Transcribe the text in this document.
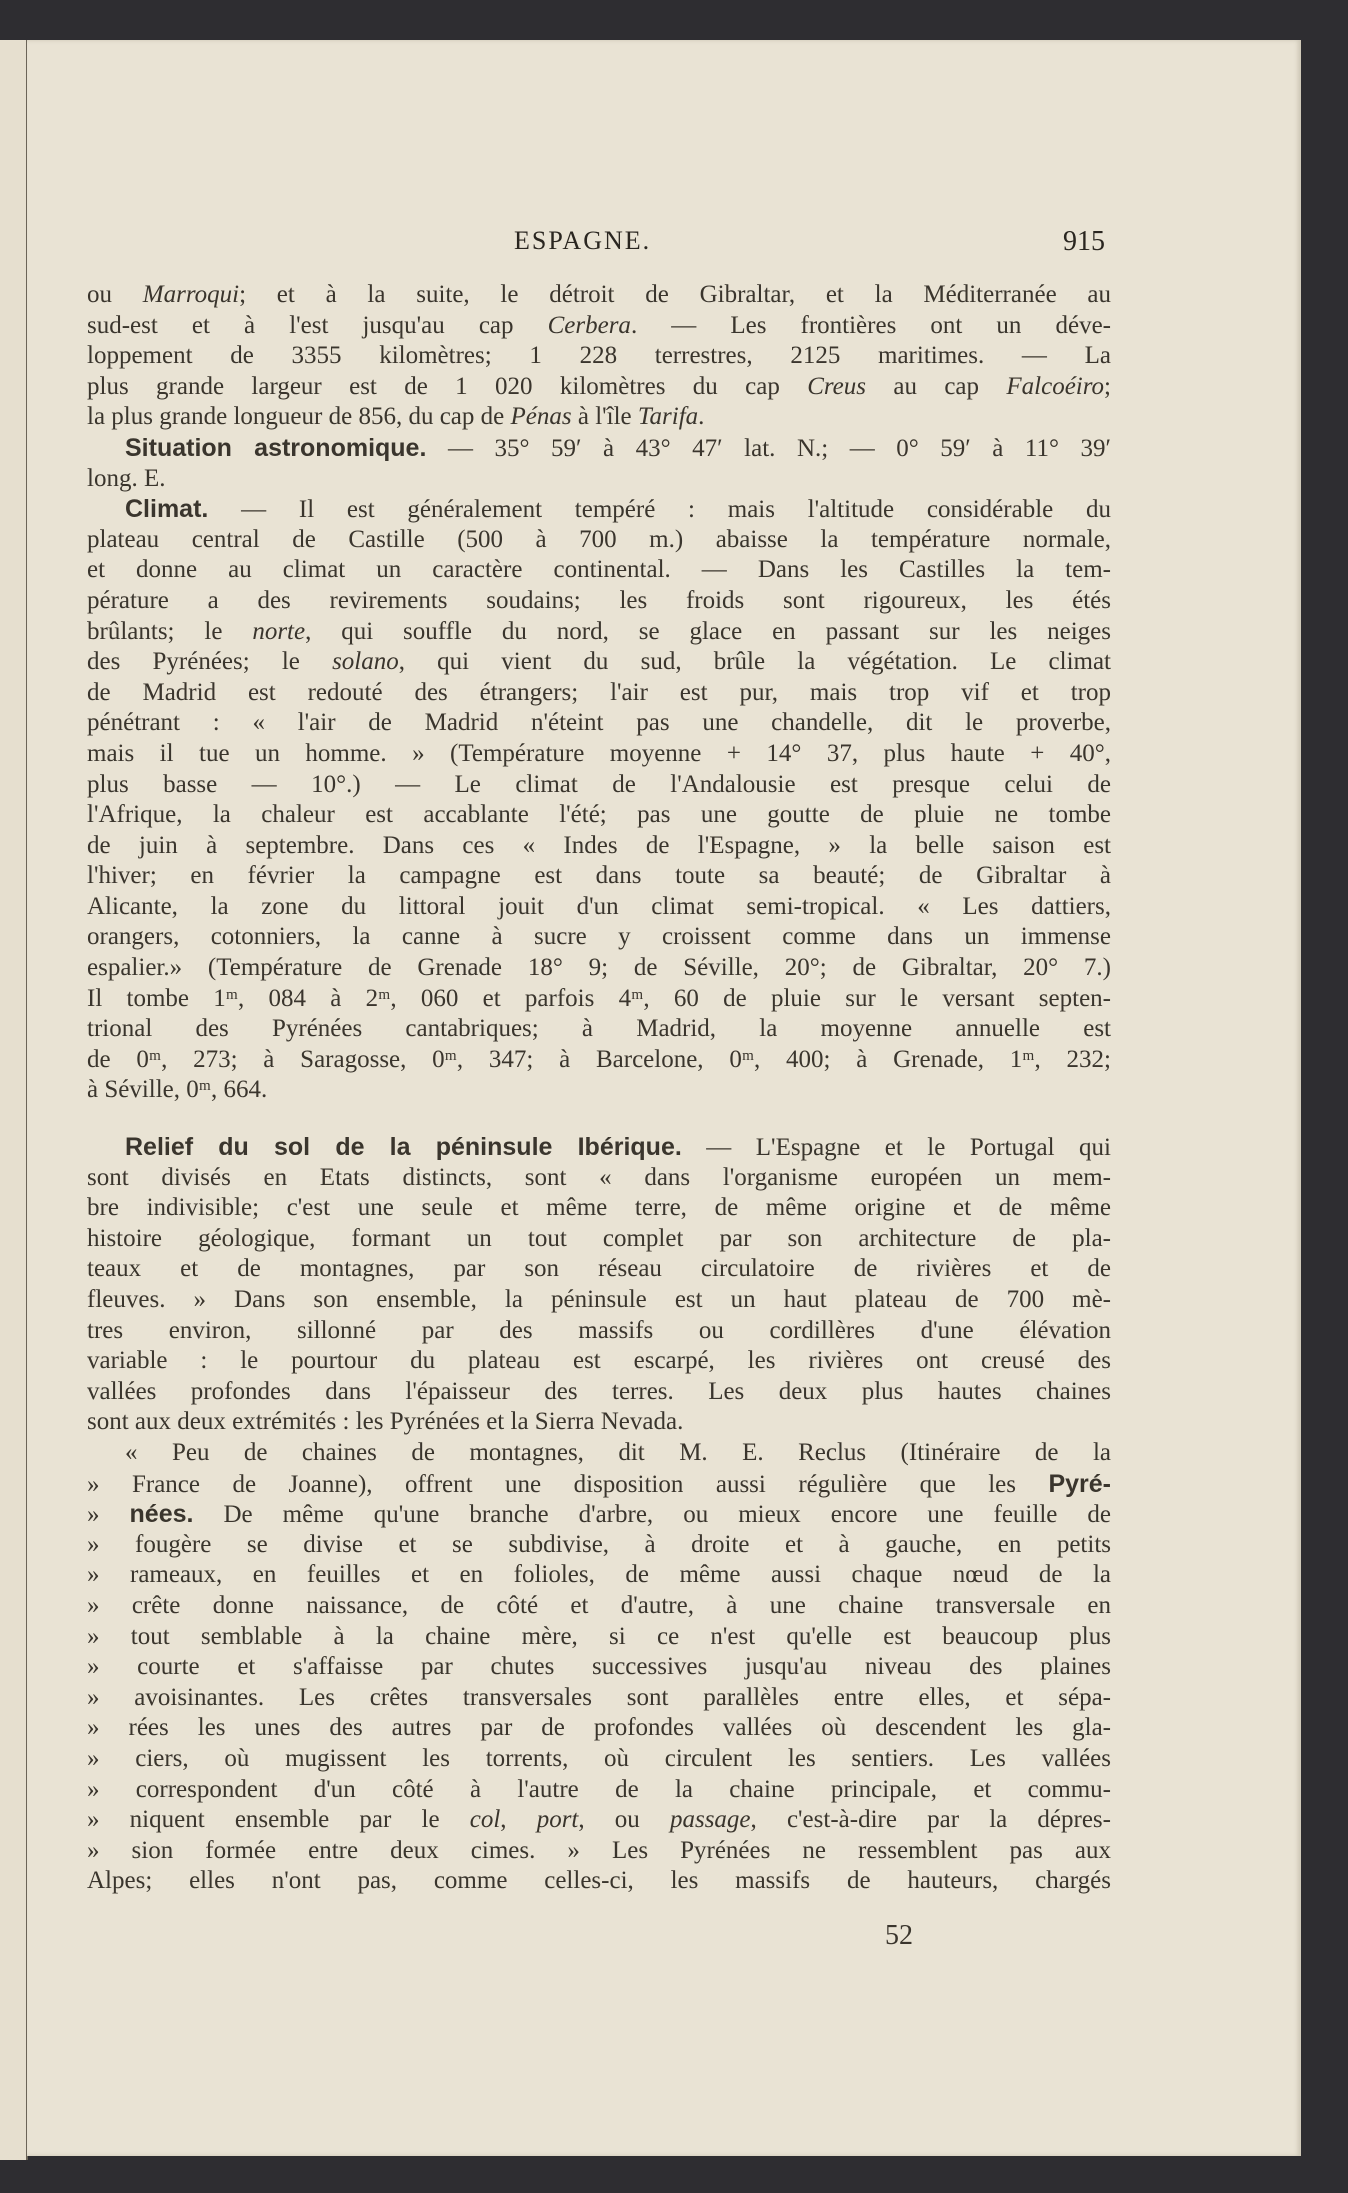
ESPAGNE.	915
ou Marroqui; et à la suite, le détroit de Gibraltar, et la Méditerranée au
sud-est et à l'est jusqu'au cap Cerbera. — Les frontières ont un déve-
loppement de 3355 kilomètres; 1 228 terrestres, 2125 maritimes. — La
plus grande largeur est de 1 020 kilomètres du cap Creus au cap Falcoéiro;
la plus grande longueur de 856, du cap de Pénas à l'île Tarifa.
Situation astronomique. — 35° 59′ à 43° 47′ lat. N.; — 0° 59′ à 11° 39′
long. E.
Climat. — Il est généralement tempéré : mais l'altitude considérable du
plateau central de Castille (500 à 700 m.) abaisse la température normale,
et donne au climat un caractère continental. — Dans les Castilles la tem-
pérature a des revirements soudains; les froids sont rigoureux, les étés
brûlants; le norte, qui souffle du nord, se glace en passant sur les neiges
des Pyrénées; le solano, qui vient du sud, brûle la végétation. Le climat
de Madrid est redouté des étrangers; l'air est pur, mais trop vif et trop
pénétrant : « l'air de Madrid n'éteint pas une chandelle, dit le proverbe,
mais il tue un homme. » (Température moyenne + 14° 37, plus haute + 40°,
plus basse — 10°.) — Le climat de l'Andalousie est presque celui de
l'Afrique, la chaleur est accablante l'été; pas une goutte de pluie ne tombe
de juin à septembre. Dans ces « Indes de l'Espagne, » la belle saison est
l'hiver; en février la campagne est dans toute sa beauté; de Gibraltar à
Alicante, la zone du littoral jouit d'un climat semi-tropical. « Les dattiers,
orangers, cotonniers, la canne à sucre y croissent comme dans un immense
espalier.» (Température de Grenade 18° 9; de Séville, 20°; de Gibraltar, 20° 7.)
Il tombe 1ᵐ, 084 à 2ᵐ, 060 et parfois 4ᵐ, 60 de pluie sur le versant septen-
trional des Pyrénées cantabriques; à Madrid, la moyenne annuelle est
de 0ᵐ, 273; à Saragosse, 0ᵐ, 347; à Barcelone, 0ᵐ, 400; à Grenade, 1ᵐ, 232;
à Séville, 0ᵐ, 664.
Relief du sol de la péninsule Ibérique. — L'Espagne et le Portugal qui
sont divisés en Etats distincts, sont « dans l'organisme européen un mem-
bre indivisible; c'est une seule et même terre, de même origine et de même
histoire géologique, formant un tout complet par son architecture de pla-
teaux et de montagnes, par son réseau circulatoire de rivières et de
fleuves. » Dans son ensemble, la péninsule est un haut plateau de 700 mè-
tres environ, sillonné par des massifs ou cordillères d'une élévation
variable : le pourtour du plateau est escarpé, les rivières ont creusé des
vallées profondes dans l'épaisseur des terres. Les deux plus hautes chaines
sont aux deux extrémités : les Pyrénées et la Sierra Nevada.
« Peu de chaines de montagnes, dit M. E. Reclus (Itinéraire de la
» France de Joanne), offrent une disposition aussi régulière que les Pyré-
» nées. De même qu'une branche d'arbre, ou mieux encore une feuille de
» fougère se divise et se subdivise, à droite et à gauche, en petits
» rameaux, en feuilles et en folioles, de même aussi chaque nœud de la
» crête donne naissance, de côté et d'autre, à une chaine transversale en
» tout semblable à la chaine mère, si ce n'est qu'elle est beaucoup plus
» courte et s'affaisse par chutes successives jusqu'au niveau des plaines
» avoisinantes. Les crêtes transversales sont parallèles entre elles, et sépa-
» rées les unes des autres par de profondes vallées où descendent les gla-
» ciers, où mugissent les torrents, où circulent les sentiers. Les vallées
» correspondent d'un côté à l'autre de la chaine principale, et commu-
» niquent ensemble par le col, port, ou passage, c'est-à-dire par la dépres-
» sion formée entre deux cimes. » Les Pyrénées ne ressemblent pas aux
Alpes; elles n'ont pas, comme celles-ci, les massifs de hauteurs, chargés
52
